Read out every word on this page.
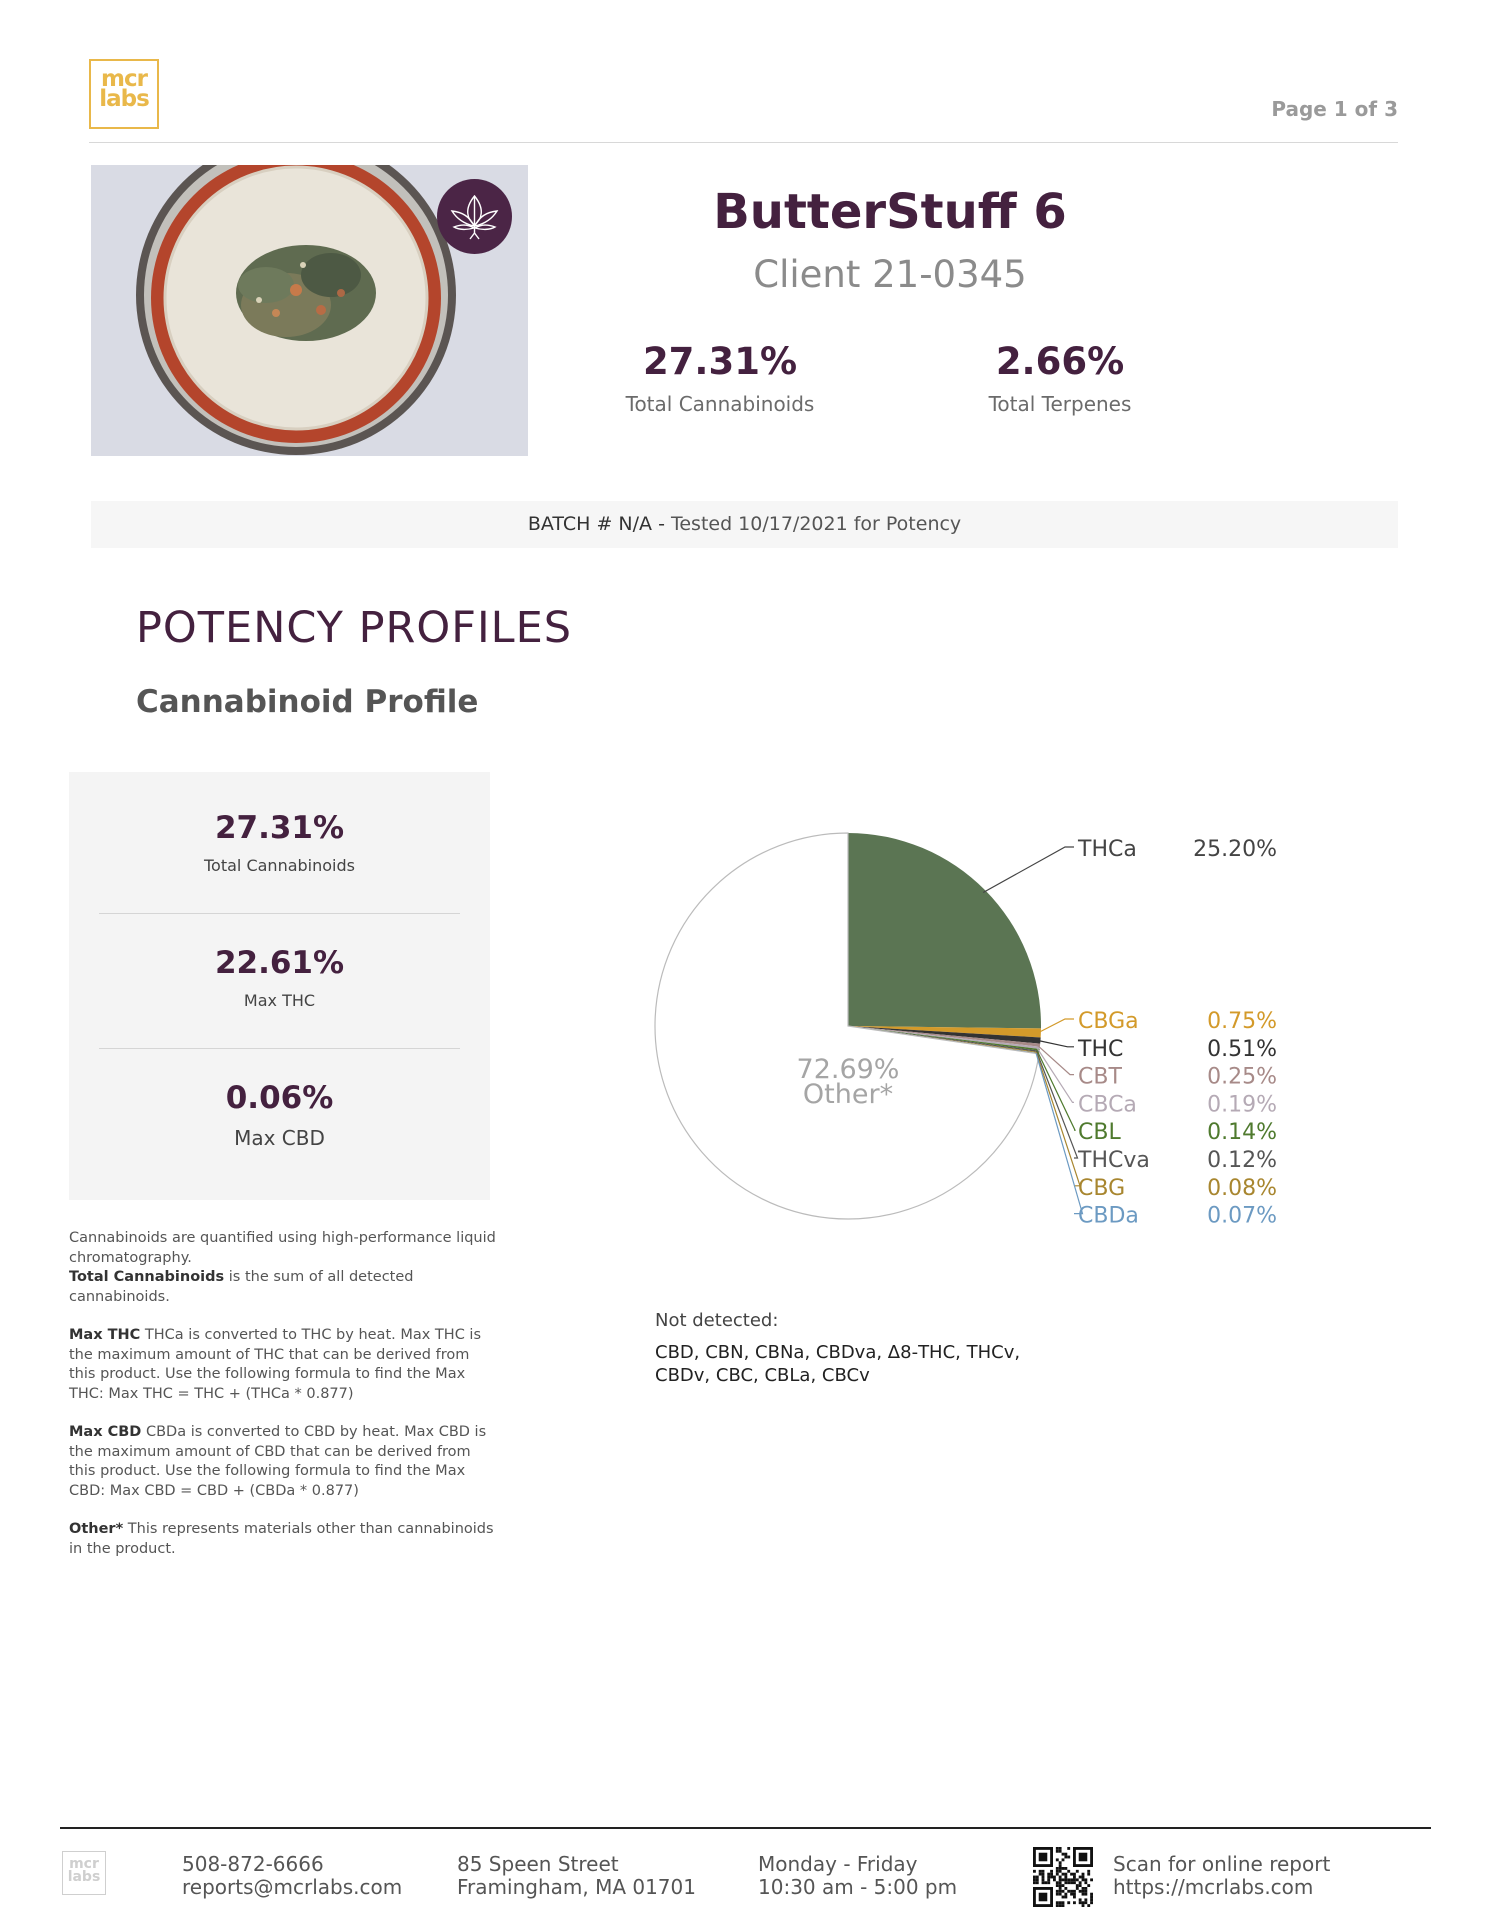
mcr
labs	Page 1 of 3
ButterStuff 6
Client 21-0345
27.31%
Total Cannabinoids
2.66%
Total Terpenes
BATCH # N/A - Tested 10/17/2021 for Potency
POTENCY PROFILES
Cannabinoid Profile
27.31%
Total Cannabinoids
22.61%
Max THC
0.06%
Max CBD

Cannabinoids are quantified using high-performance liquid chromatography.
Total Cannabinoids is the sum of all detected cannabinoids.

Max THC THCa is converted to THC by heat. Max THC is the maximum amount of THC that can be derived from this product. Use the following formula to find the Max THC: Max THC = THC + (THCa * 0.877)

Max CBD CBDa is converted to CBD by heat. Max CBD is the maximum amount of CBD that can be derived from this product. Use the following formula to find the Max CBD: Max CBD = CBD + (CBDa * 0.877)

Other* This represents materials other than cannabinoids in the product.

THCa	25.20%
CBGa	0.75%
THC	0.51%
CBT	0.25%
CBCa	0.19%
CBL	0.14%
THCva	0.12%
CBG	0.08%
CBDa	0.07%
72.69%
Other*
Not detected:
CBD, CBN, CBNa, CBDva, Δ8-THC, THCv, CBDv, CBC, CBLa, CBCv
mcr
labs
508-872-6666
reports@mcrlabs.com
85 Speen Street
Framingham, MA 01701
Monday - Friday
10:30 am - 5:00 pm
Scan for online report
https://mcrlabs.com
